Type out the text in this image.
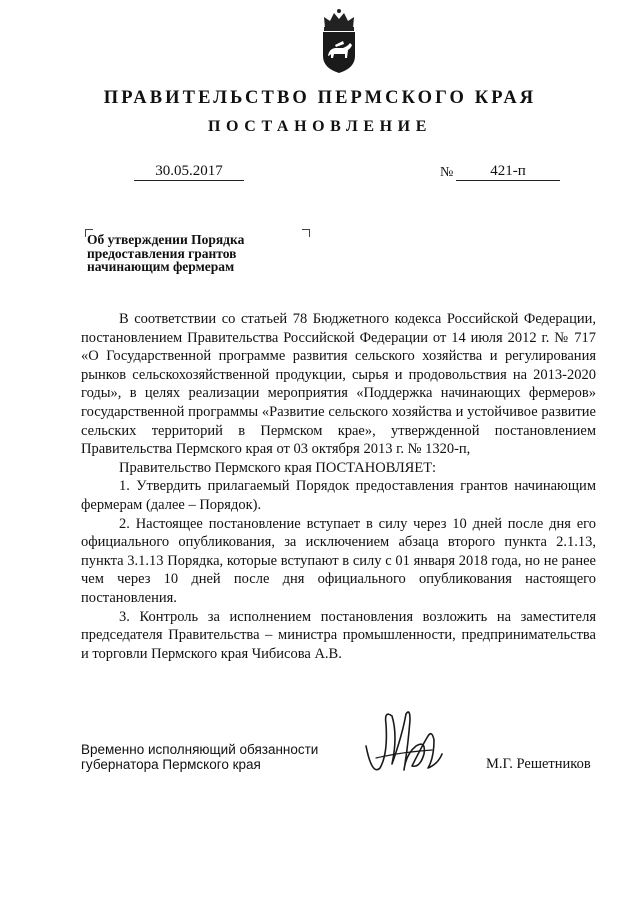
ПРАВИТЕЛЬСТВО ПЕРМСКОГО КРАЯ
ПОСТАНОВЛЕНИЕ
30.05.2017	№	421-п
Об утверждении Порядка
предоставления грантов
начинающим фермерам

В соответствии со статьей 78 Бюджетного кодекса Российской Федерации, постановлением Правительства Российской Федерации от 14 июля 2012 г. № 717 «О Государственной программе развития сельского хозяйства и регулирования рынков сельскохозяйственной продукции, сырья и продовольствия на 2013-2020 годы», в целях реализации мероприятия «Поддержка начинающих фермеров» государственной программы «Развитие сельского хозяйства и устойчивое развитие сельских территорий в Пермском крае», утвержденной постановлением Правительства Пермского края от 03 октября 2013 г. № 1320-п,

Правительство Пермского края ПОСТАНОВЛЯЕТ:

1. Утвердить прилагаемый Порядок предоставления грантов начинающим фермерам (далее – Порядок).

2. Настоящее постановление вступает в силу через 10 дней после дня его официального опубликования, за исключением абзаца второго пункта 2.1.13, пункта 3.1.13 Порядка, которые вступают в силу с 01 января 2018 года, но не ранее чем через 10 дней после дня официального опубликования настоящего постановления.

3. Контроль за исполнением постановления возложить на заместителя председателя Правительства – министра промышленности, предпринимательства и торговли Пермского края Чибисова А.В.

Временно исполняющий обязанности
губернатора Пермского края	М.Г. Решетников
